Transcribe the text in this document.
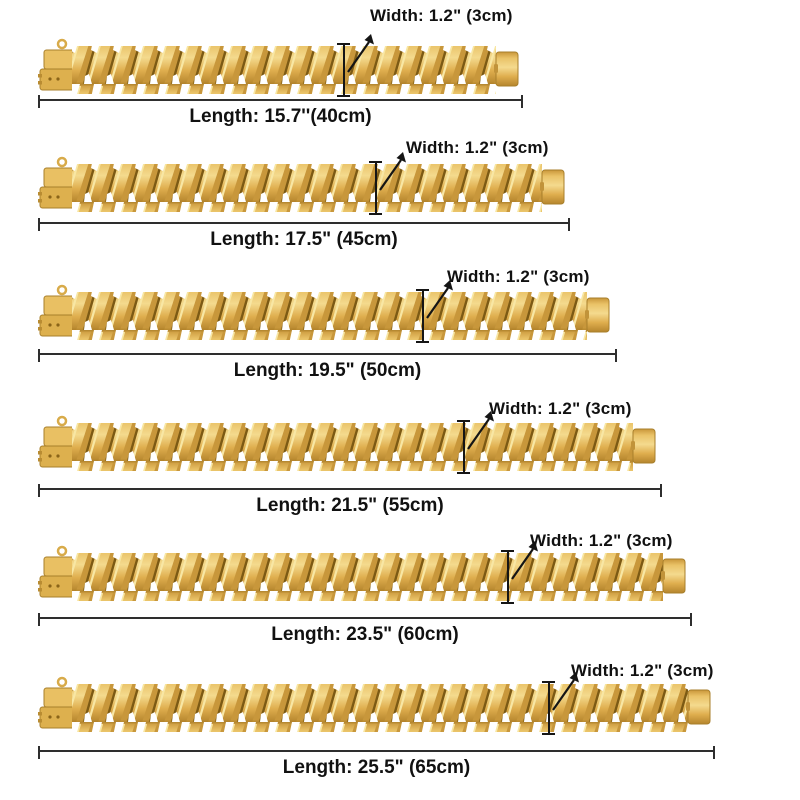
Width: 1.2" (3cm)
Length: 15.7''(40cm)
Width: 1.2" (3cm)
Length: 17.5" (45cm)
Width: 1.2" (3cm)
Length: 19.5" (50cm)
Width: 1.2" (3cm)
Length: 21.5" (55cm)
Width: 1.2" (3cm)
Length: 23.5" (60cm)
Width: 1.2" (3cm)
Length: 25.5" (65cm)
